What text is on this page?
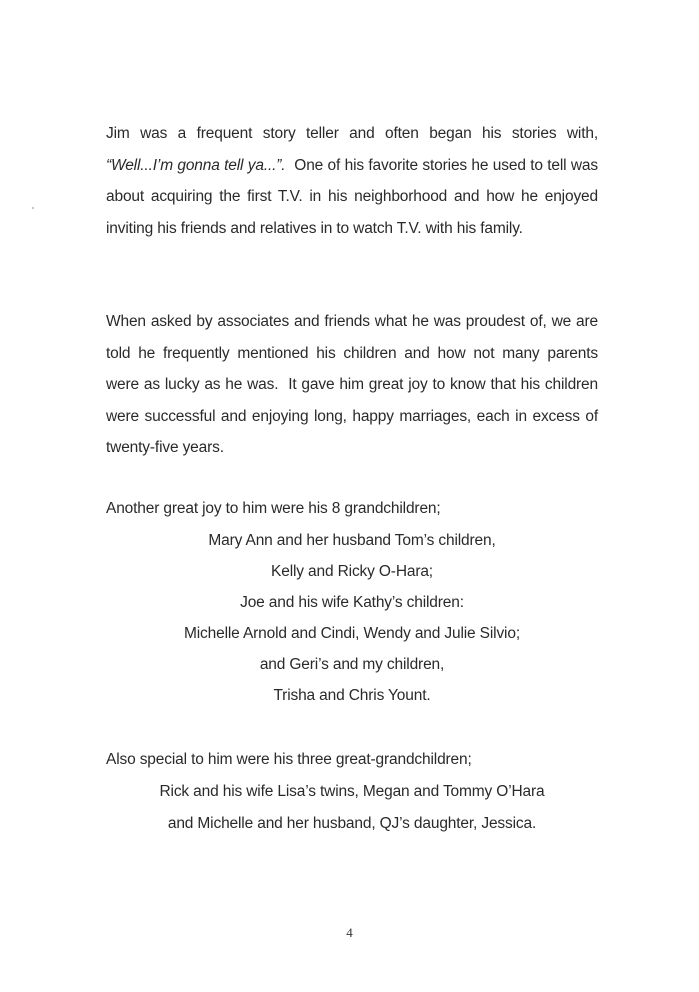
Jim was a frequent story teller and often began his stories with, “Well...I’m gonna tell ya...”.  One of his favorite stories he used to tell was about acquiring the first T.V. in his neighborhood and how he enjoyed inviting his friends and relatives in to watch T.V. with his family.

When asked by associates and friends what he was proudest of, we are told he frequently mentioned his children and how not many parents were as lucky as he was.  It gave him great joy to know that his children were successful and enjoying long, happy marriages, each in excess of twenty-five years.

Another great joy to him were his 8 grandchildren;

Mary Ann and her husband Tom’s children,

Kelly and Ricky O-Hara;

Joe and his wife Kathy’s children:

Michelle Arnold and Cindi, Wendy and Julie Silvio;

and Geri’s and my children,

Trisha and Chris Yount.

Also special to him were his three great-grandchildren;

Rick and his wife Lisa’s twins, Megan and Tommy O’Hara

and Michelle and her husband, QJ’s daughter, Jessica.

4
